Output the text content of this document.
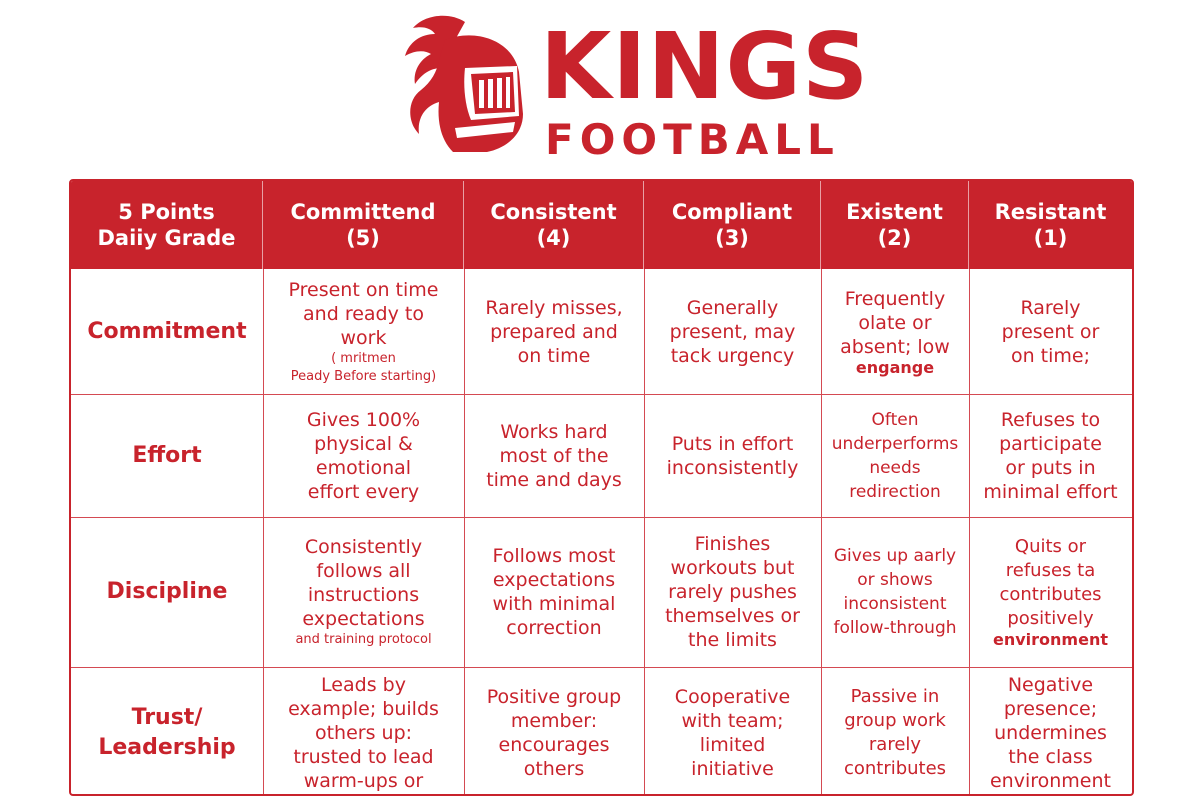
KINGS
FOOTBALL
5 Points
Daiiy Grade
Committend
(5)
Consistent
(4)
Compliant
(3)
Existent
(2)
Resistant
(1)
Commitment
Present on time
and ready to
work
( mritmen
Peady Before starting)
Rarely misses,
prepared and
on time
Generally
present, may
tack urgency
Frequently
olate or
absent; low
engange
Rarely
present or
on time;
Effort
Gives 100%
physical &
emotional
effort every
Works hard
most of the
time and days
Puts in effort
inconsistently
Often
underperforms
needs
redirection
Refuses to
participate
or puts in
minimal effort
Discipline
Consistently
follows all
instructions
expectations
and training protocol
Follows most
expectations
with minimal
correction
Finishes
workouts but
rarely pushes
themselves or
the limits
Gives up aarly
or shows
inconsistent
follow-through
Quits or
refuses ta
contributes
positively
environment
Trust/
Leadership
Leads by
example; builds
others up:
trusted to lead
warm-ups or
Positive group
member:
encourages
others
Cooperative
with team;
limited
initiative
Passive in
group work
rarely
contributes
Negative
presence;
undermines
the class
environment
